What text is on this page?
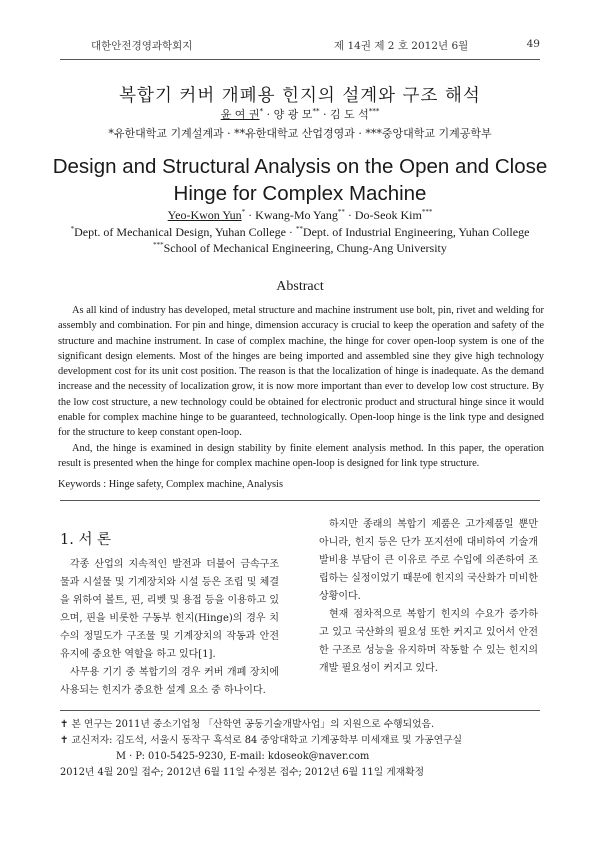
대한안전경영과학회지	제 14권 제 2 호 2012년 6월	49
복합기 커버 개폐용 힌지의 설계와 구조 해석
윤 여 권* · 양 광 모** · 김 도 석***
*유한대학교 기계설계과 · **유한대학교 산업경영과 · ***중앙대학교 기계공학부
Design and Structural Analysis on the Open and Close
Hinge for Complex Machine
Yeo-Kwon Yun* · Kwang-Mo Yang** · Do-Seok Kim***
*Dept. of Mechanical Design, Yuhan College · **Dept. of Industrial Engineering, Yuhan College
***School of Mechanical Engineering, Chung-Ang University
Abstract

As all kind of industry has developed, metal structure and machine instrument use bolt, pin, rivet and welding for assembly and combination. For pin and hinge, dimension accuracy is crucial to keep the operation and safety of the structure and machine instrument. In case of complex machine, the hinge for cover open-loop system is one of the significant design elements. Most of the hinges are being imported and assembled sine they give high technology development cost for its unit cost position. The reason is that the localization of hinge is inadequate. As the demand increase and the necessity of localization grow, it is now more important than ever to develop low cost structure. By the low cost structure, a new technology could be obtained for electronic product and structural hinge since it would enable for complex machine hinge to be guaranteed, technologically. Open-loop hinge is the link type and designed for the structure to keep constant open-loop.

And, the hinge is examined in design stability by finite element analysis method. In this paper, the operation result is presented when the hinge for complex machine open-loop is designed for link type structure.

Keywords : Hinge safety, Complex machine, Analysis
1. 서 론

각종 산업의 지속적인 발전과 더불어 금속구조물과 시설물 및 기계장치와 시설 등은 조립 및 체결을 위하여 볼트, 핀, 리벳 및 용접 등을 이용하고 있으며, 핀을 비롯한 구동부 힌지(Hinge)의 경우 치수의 정밀도가 구조물 및 기계장치의 작동과 안전유지에 중요한 역할을 하고 있다[1].

사무용 기기 중 복합기의 경우 커버 개폐 장치에 사용되는 힌지가 중요한 설계 요소 중 하나이다.

하지만 종래의 복합기 제품은 고가제품일 뿐만 아니라, 힌지 등은 단가 포지션에 대비하여 기술개발비용 부담이 큰 이유로 주로 수입에 의존하여 조립하는 실정이었기 때문에 힌지의 국산화가 미비한 상황이다.

현재 점차적으로 복합기 힌지의 수요가 증가하고 있고 국산화의 필요성 또한 커지고 있어서 안전한 구조로 성능을 유지하며 작동할 수 있는 힌지의 개발 필요성이 커지고 있다.

✝ 본 연구는 2011년 중소기업청 「산학연 공동기술개발사업」의 지원으로 수행되었음.
✝ 교신저자: 김도석, 서울시 동작구 흑석로 84 중앙대학교 기계공학부 미세재료 및 가공연구실
M · P: 010-5425-9230, E-mail: kdoseok@naver.com
2012년 4월 20일 접수; 2012년 6월 11일 수정본 접수; 2012년 6월 11일 게재확정
